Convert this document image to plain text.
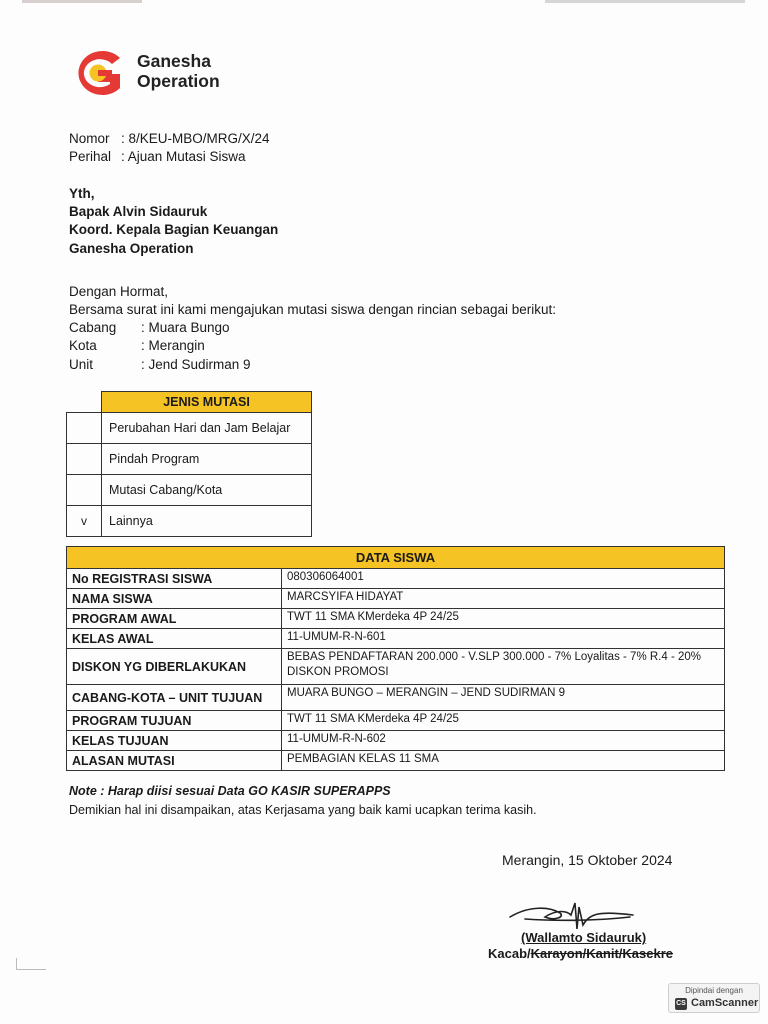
Ganesha
Operation
Nomor : 8/KEU-MBO/MRG/X/24
Perihal : Ajuan Mutasi Siswa
Yth,
Bapak Alvin Sidauruk
Koord. Kepala Bagian Keuangan
Ganesha Operation
Dengan Hormat,
Bersama surat ini kami mengajukan mutasi siswa dengan rincian sebagai berikut:
Cabang : Muara Bungo
Kota	: Merangin
Unit	: Jend Sudirman 9
	JENIS MUTASI
	Perubahan Hari dan Jam Belajar
	Pindah Program
	Mutasi Cabang/Kota
v	Lainnya
DATA SISWA	
No REGISTRASI SISWA	080306064001
NAMA SISWA	MARCSYIFA HIDAYAT
PROGRAM AWAL	TWT 11 SMA KMerdeka 4P 24/25
KELAS AWAL	11-UMUM-R-N-601
DISKON YG DIBERLAKUKAN	BEBAS PENDAFTARAN 200.000 - V.SLP 300.000 - 7% Loyalitas - 7% R.4 - 20% DISKON PROMOSI
CABANG-KOTA – UNIT TUJUAN	MUARA BUNGO – MERANGIN – JEND SUDIRMAN 9
PROGRAM TUJUAN	TWT 11 SMA KMerdeka 4P 24/25
KELAS TUJUAN	11-UMUM-R-N-602
ALASAN MUTASI	PEMBAGIAN KELAS 11 SMA
Note : Harap diisi sesuai Data GO KASIR SUPERAPPS
Demikian hal ini disampaikan, atas Kerjasama yang baik kami ucapkan terima kasih.
Merangin, 15 Oktober 2024
(Wallamto Sidauruk)
Kacab/Karayon/Kanit/Kasekre
Dipindai dengan
CS CamScanner
